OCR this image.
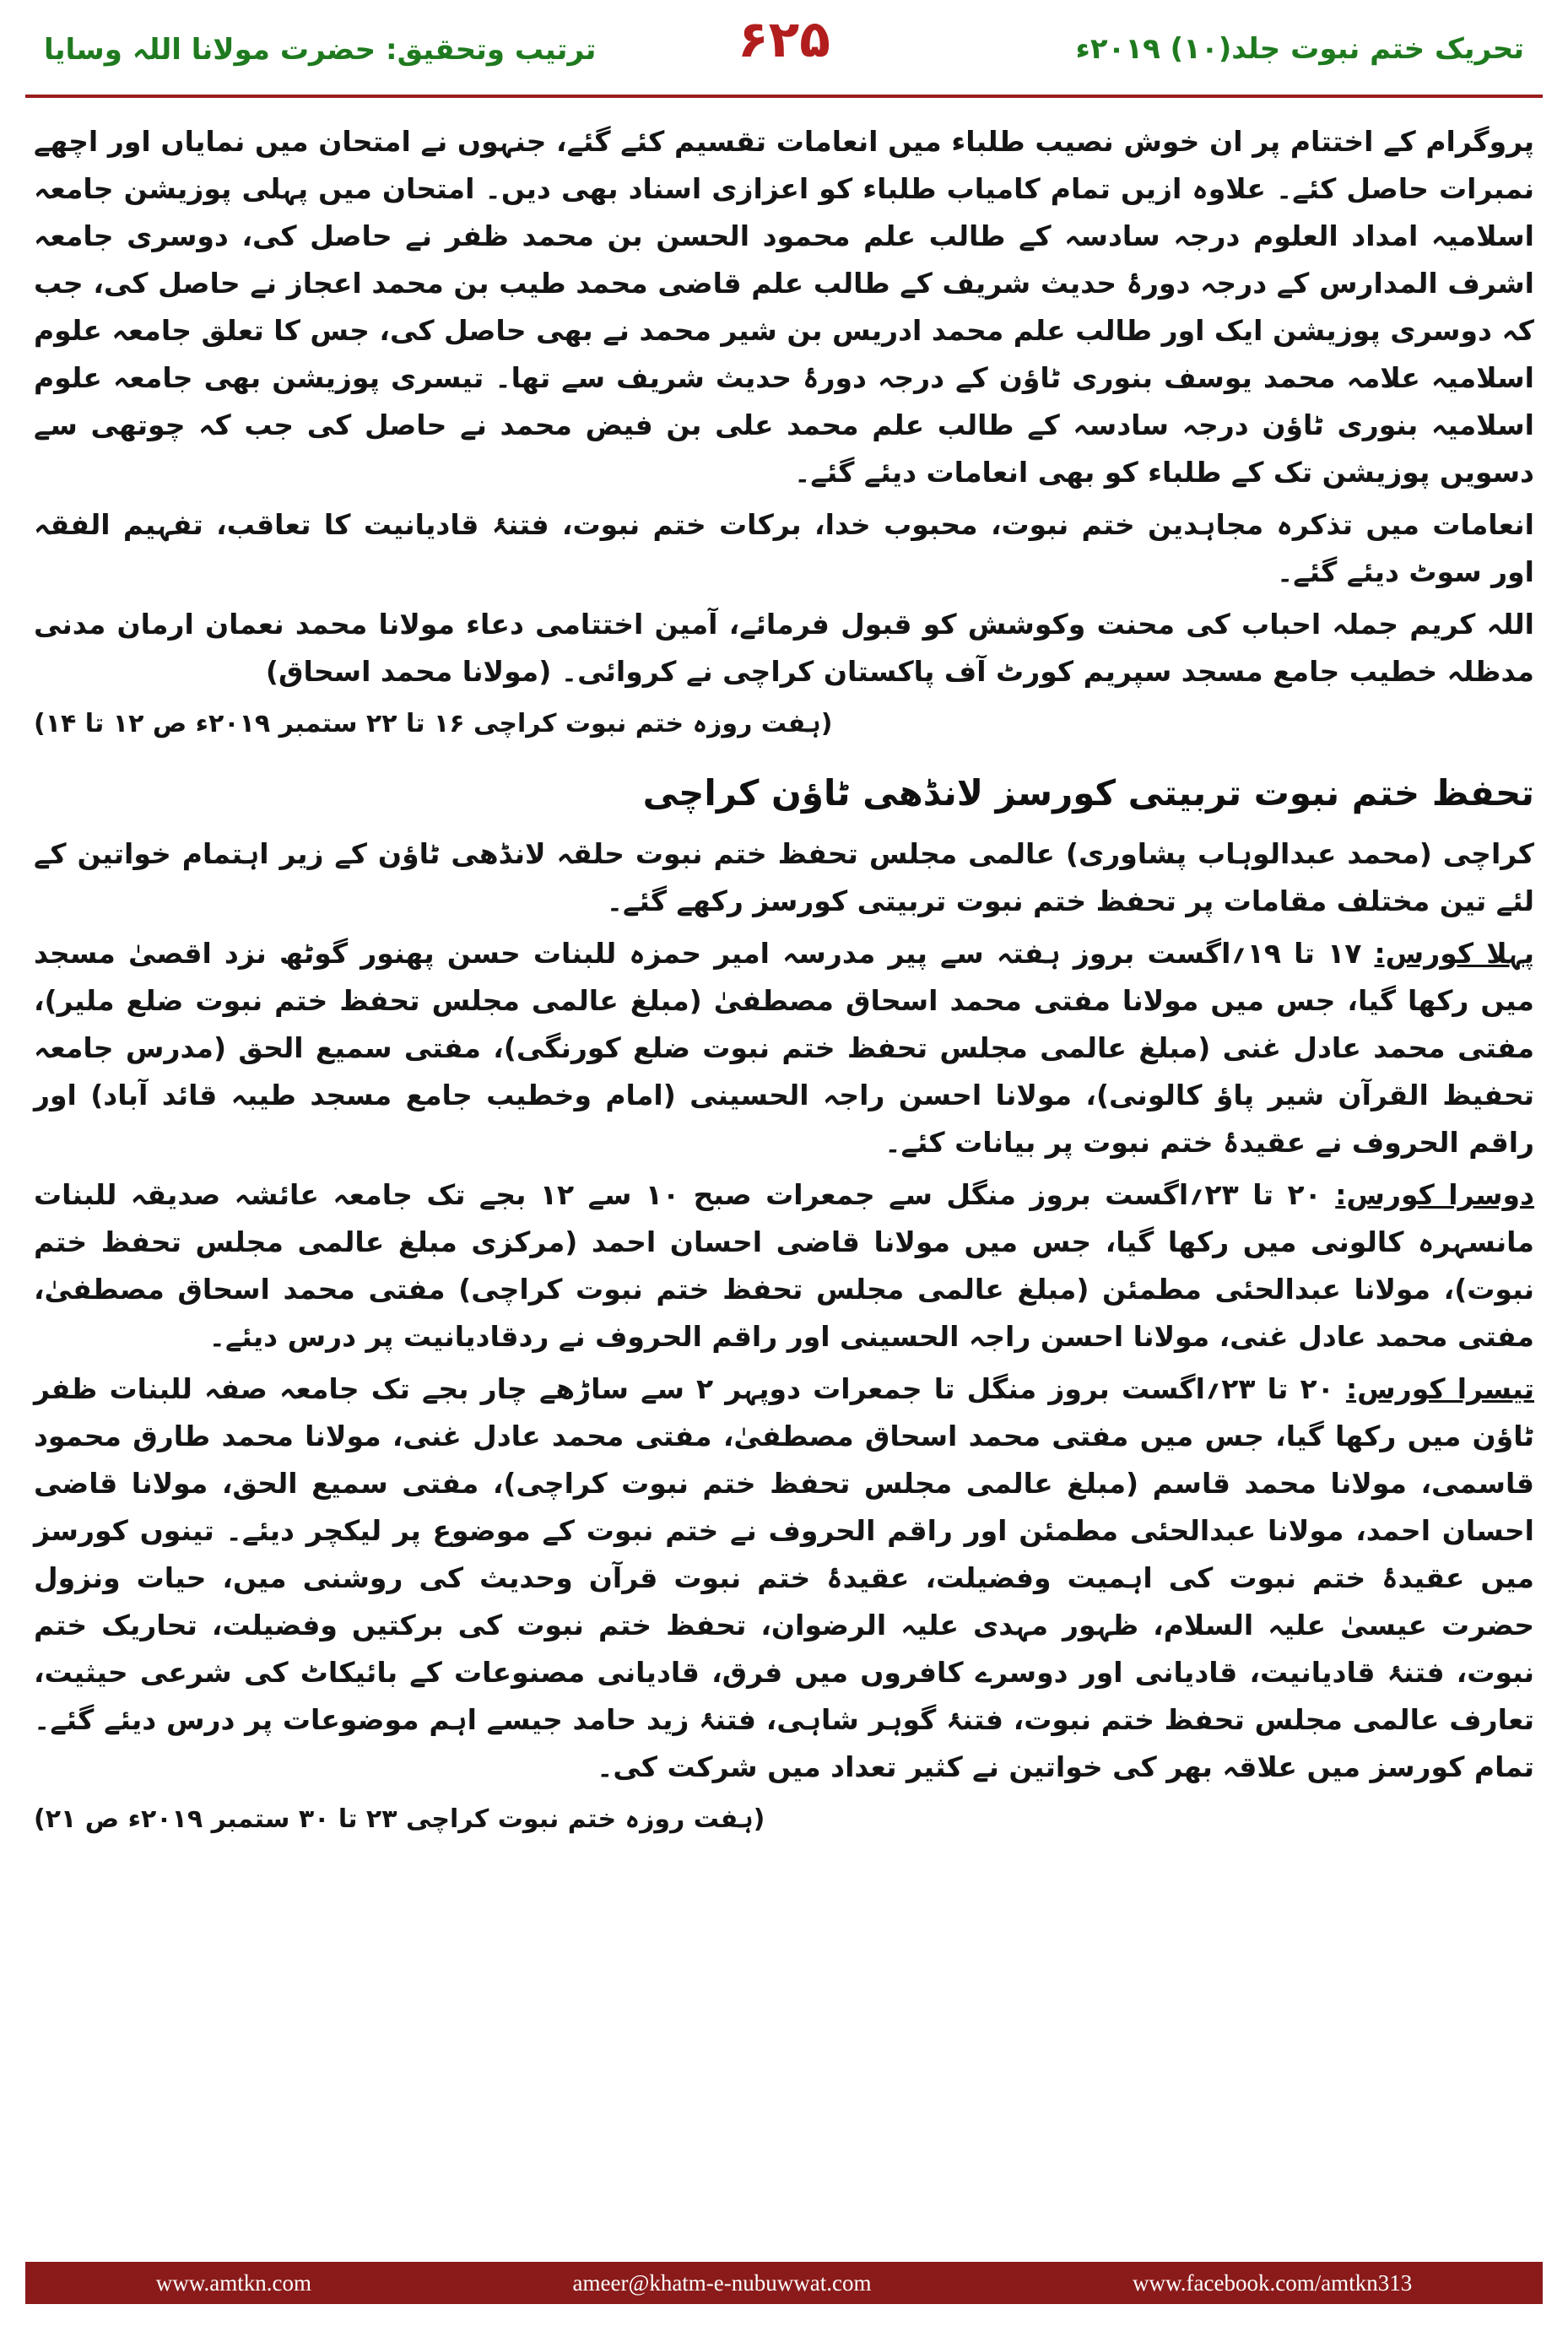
تحریک ختم نبوت جلد(۱۰) ۲۰۱۹ء
۶۲۵
ترتیب وتحقیق: حضرت مولانا اللہ وسایا

پروگرام کے اختتام پر ان خوش نصیب طلباء میں انعامات تقسیم کئے گئے، جنہوں نے امتحان میں نمایاں اور اچھے نمبرات حاصل کئے۔ علاوہ ازیں تمام کامیاب طلباء کو اعزازی اسناد بھی دیں۔ امتحان میں پہلی پوزیشن جامعہ اسلامیہ امداد العلوم درجہ سادسہ کے طالب علم محمود الحسن بن محمد ظفر نے حاصل کی، دوسری جامعہ اشرف المدارس کے درجہ دورۂ حدیث شریف کے طالب علم قاضی محمد طیب بن محمد اعجاز نے حاصل کی، جب کہ دوسری پوزیشن ایک اور طالب علم محمد ادریس بن شیر محمد نے بھی حاصل کی، جس کا تعلق جامعہ علوم اسلامیہ علامہ محمد یوسف بنوری ٹاؤن کے درجہ دورۂ حدیث شریف سے تھا۔ تیسری پوزیشن بھی جامعہ علوم اسلامیہ بنوری ٹاؤن درجہ سادسہ کے طالب علم محمد علی بن فیض محمد نے حاصل کی جب کہ چوتھی سے دسویں پوزیشن تک کے طلباء کو بھی انعامات دیئے گئے۔

انعامات میں تذکرہ مجاہدین ختم نبوت، محبوب خدا، برکات ختم نبوت، فتنۂ قادیانیت کا تعاقب، تفہیم الفقہ اور سوٹ دیئے گئے۔

اللہ کریم جملہ احباب کی محنت وکوشش کو قبول فرمائے، آمین اختتامی دعاء مولانا محمد نعمان ارمان مدنی مدظلہ خطیب جامع مسجد سپریم کورٹ آف پاکستان کراچی نے کروائی۔ (مولانا محمد اسحاق)

(ہفت روزہ ختم نبوت کراچی ۱۶ تا ۲۲ ستمبر ۲۰۱۹ء ص ۱۲ تا ۱۴)
تحفظ ختم نبوت تربیتی کورسز لانڈھی ٹاؤن کراچی

کراچی (محمد عبدالوہاب پشاوری) عالمی مجلس تحفظ ختم نبوت حلقہ لانڈھی ٹاؤن کے زیر اہتمام خواتین کے لئے تین مختلف مقامات پر تحفظ ختم نبوت تربیتی کورسز رکھے گئے۔

پہلا کورس: ۱۷ تا ۱۹؍اگست بروز ہفتہ سے پیر مدرسہ امیر حمزہ للبنات حسن پھنور گوٹھ نزد اقصیٰ مسجد میں رکھا گیا، جس میں مولانا مفتی محمد اسحاق مصطفیٰ (مبلغ عالمی مجلس تحفظ ختم نبوت ضلع ملیر)، مفتی محمد عادل غنی (مبلغ عالمی مجلس تحفظ ختم نبوت ضلع کورنگی)، مفتی سمیع الحق (مدرس جامعہ تحفیظ القرآن شیر پاؤ کالونی)، مولانا احسن راجہ الحسینی (امام وخطیب جامع مسجد طیبہ قائد آباد) اور راقم الحروف نے عقیدۂ ختم نبوت پر بیانات کئے۔

دوسرا کورس: ۲۰ تا ۲۳؍اگست بروز منگل سے جمعرات صبح ۱۰ سے ۱۲ بجے تک جامعہ عائشہ صدیقہ للبنات مانسہرہ کالونی میں رکھا گیا، جس میں مولانا قاضی احسان احمد (مرکزی مبلغ عالمی مجلس تحفظ ختم نبوت)، مولانا عبدالحئی مطمئن (مبلغ عالمی مجلس تحفظ ختم نبوت کراچی) مفتی محمد اسحاق مصطفیٰ، مفتی محمد عادل غنی، مولانا احسن راجہ الحسینی اور راقم الحروف نے ردقادیانیت پر درس دیئے۔

تیسرا کورس: ۲۰ تا ۲۳؍اگست بروز منگل تا جمعرات دوپہر ۲ سے ساڑھے چار بجے تک جامعہ صفہ للبنات ظفر ٹاؤن میں رکھا گیا، جس میں مفتی محمد اسحاق مصطفیٰ، مفتی محمد عادل غنی، مولانا محمد طارق محمود قاسمی، مولانا محمد قاسم (مبلغ عالمی مجلس تحفظ ختم نبوت کراچی)، مفتی سمیع الحق، مولانا قاضی احسان احمد، مولانا عبدالحئی مطمئن اور راقم الحروف نے ختم نبوت کے موضوع پر لیکچر دیئے۔ تینوں کورسز میں عقیدۂ ختم نبوت کی اہمیت وفضیلت، عقیدۂ ختم نبوت قرآن وحدیث کی روشنی میں، حیات ونزول حضرت عیسیٰ علیہ السلام، ظہور مہدی علیہ الرضوان، تحفظ ختم نبوت کی برکتیں وفضیلت، تحاریک ختم نبوت، فتنۂ قادیانیت، قادیانی اور دوسرے کافروں میں فرق، قادیانی مصنوعات کے بائیکاٹ کی شرعی حیثیت، تعارف عالمی مجلس تحفظ ختم نبوت، فتنۂ گوہر شاہی، فتنۂ زید حامد جیسے اہم موضوعات پر درس دیئے گئے۔ تمام کورسز میں علاقہ بھر کی خواتین نے کثیر تعداد میں شرکت کی۔

(ہفت روزہ ختم نبوت کراچی ۲۳ تا ۳۰ ستمبر ۲۰۱۹ء ص ۲۱)
www.amtkn.com	ameer@khatm-e-nubuwwat.com	www.facebook.com/amtkn313
